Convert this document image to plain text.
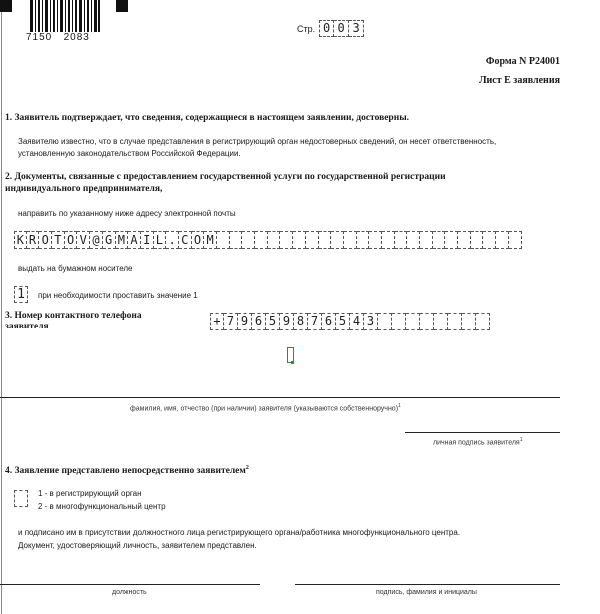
7150 2083
Стр. 0 0 3
Форма N Р24001
Лист Е заявления
1. Заявитель подтверждает, что сведения, содержащиеся в настоящем заявлении, достоверны.
Заявителю известно, что в случае представления в регистрирующий орган недостоверных сведений, он несет ответственность,
установленную законодательством Российской Федерации.
2. Документы, связанные с предоставлением государственной услуги по государственной регистрации
индивидуального предпринимателя,
направить по указанному ниже адресу электронной почты
K R O T O V @ G M A I L . C O M
выдать на бумажном носителе
1	при необходимости проставить значение 1
3. Номер контактного телефона
заявителя	+ 7 9 6 5 9 8 7 6 5 4 3
фамилия, имя, отчество (при наличии) заявителя (указываются собственноручно)$^1$
личная подпись заявителя$^1$
4. Заявление представлено непосредственно заявителем$^2$
1 - в регистрирующий орган
2 - в многофункциональный центр
и подписано им в присутствии должностного лица регистрирующего органа/работника многофункционального центра.
Документ, удостоверяющий личность, заявителем представлен.
должность	подпись, фамилия и инициалы
